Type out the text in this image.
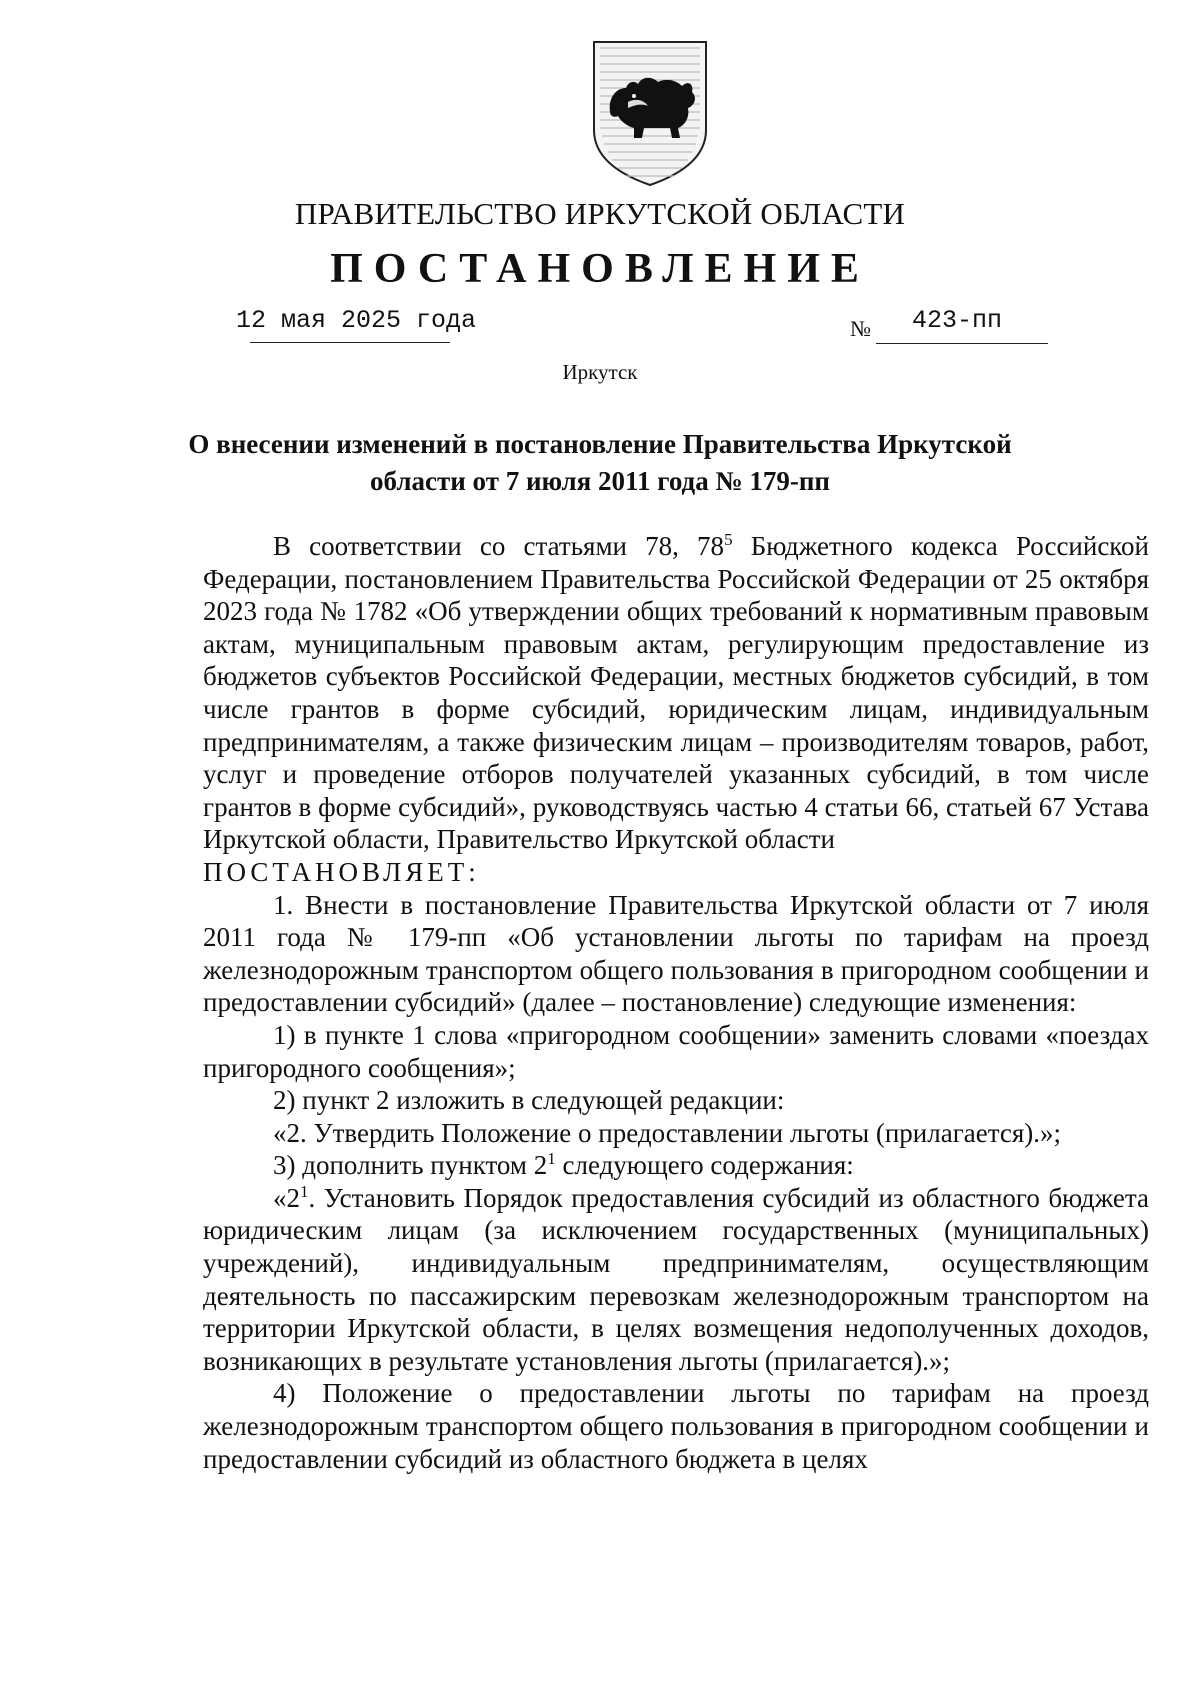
ПРАВИТЕЛЬСТВО ИРКУТСКОЙ ОБЛАСТИ
ПОСТАНОВЛЕНИЕ
12 мая 2025 года	№ 423-пп
Иркутск
О внесении изменений в постановление Правительства Иркутской
области от 7 июля 2011 года № 179-пп

В соответствии со статьями 78, $78^5$ Бюджетного кодекса Российской Федерации, постановлением Правительства Российской Федерации от 25 октября 2023 года № 1782 «Об утверждении общих требований к нормативным правовым актам, муниципальным правовым актам, регулирующим предоставление из бюджетов субъектов Российской Федерации, местных бюджетов субсидий, в том числе грантов в форме субсидий, юридическим лицам, индивидуальным предпринимателям, а также физическим лицам – производителям товаров, работ, услуг и проведение отборов получателей указанных субсидий, в том числе грантов в форме субсидий», руководствуясь частью 4 статьи 66, статьей 67 Устава Иркутской области, Правительство Иркутской области

ПОСТАНОВЛЯЕТ:

1. Внести в постановление Правительства Иркутской области от 7 июля 2011 года № 179-пп «Об установлении льготы по тарифам на проезд железнодорожным транспортом общего пользования в пригородном сообщении и предоставлении субсидий» (далее – постановление) следующие изменения:

1) в пункте 1 слова «пригородном сообщении» заменить словами «поездах пригородного сообщения»;

2) пункт 2 изложить в следующей редакции:

«2. Утвердить Положение о предоставлении льготы (прилагается).»;

3) дополнить пунктом $2^1$ следующего содержания:

«$2^1$. Установить Порядок предоставления субсидий из областного бюджета юридическим лицам (за исключением государственных (муниципальных) учреждений), индивидуальным предпринимателям, осуществляющим деятельность по пассажирским перевозкам железнодорожным транспортом на территории Иркутской области, в целях возмещения недополученных доходов, возникающих в результате установления льготы (прилагается).»;

4) Положение о предоставлении льготы по тарифам на проезд железнодорожным транспортом общего пользования в пригородном сообщении и предоставлении субсидий из областного бюджета в целях
